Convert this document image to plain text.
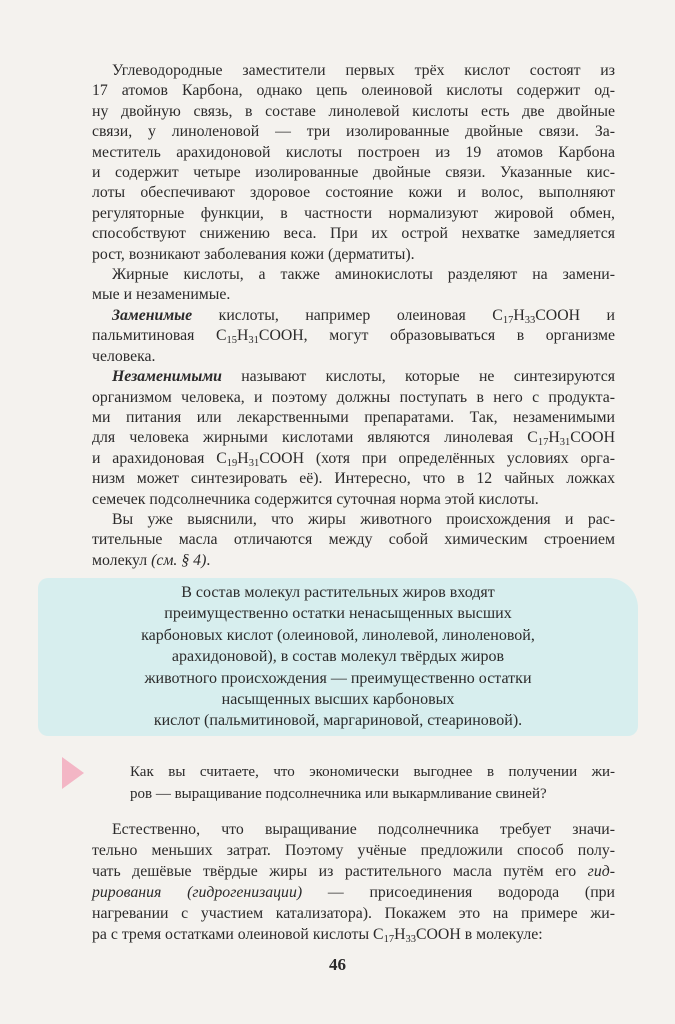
Углеводородные заместители первых трёх кислот состоят из
17 атомов Карбона, однако цепь олеиновой кислоты содержит од-
ну двойную связь, в составе линолевой кислоты есть две двойные
связи, у линоленовой — три изолированные двойные связи. За-
меститель арахидоновой кислоты построен из 19 атомов Карбона
и содержит четыре изолированные двойные связи. Указанные кис-
лоты обеспечивают здоровое состояние кожи и волос, выполняют
регуляторные функции, в частности нормализуют жировой обмен,
способствуют снижению веса. При их острой нехватке замедляется
рост, возникают заболевания кожи (дерматиты).
Жирные кислоты, а также аминокислоты разделяют на замени-
мые и незаменимые.
Заменимые кислоты, например олеиновая $C_{17}H_{33}COOH$ и
пальмитиновая $C_{15}H_{31}COOH$, могут образовываться в организме
человека.
Незаменимыми называют кислоты, которые не синтезируются
организмом человека, и поэтому должны поступать в него с продукта-
ми питания или лекарственными препаратами. Так, незаменимыми
для человека жирными кислотами являются линолевая $C_{17}H_{31}COOH$
и арахидоновая $C_{19}H_{31}COOH$ (хотя при определённых условиях орга-
низм может синтезировать её). Интересно, что в 12 чайных ложках
семечек подсолнечника содержится суточная норма этой кислоты.
Вы уже выяснили, что жиры животного происхождения и рас-
тительные масла отличаются между собой химическим строением
молекул (см. § 4).
В состав молекул растительных жиров входят
преимущественно остатки ненасыщенных высших
карбоновых кислот (олеиновой, линолевой, линоленовой,
арахидоновой), в состав молекул твёрдых жиров
животного происхождения — преимущественно остатки
насыщенных высших карбоновых
кислот (пальмитиновой, маргариновой, стеариновой).
Как вы считаете, что экономически выгоднее в получении жи-
ров — выращивание подсолнечника или выкармливание свиней?
Естественно, что выращивание подсолнечника требует значи-
тельно меньших затрат. Поэтому учёные предложили способ полу-
чать дешёвые твёрдые жиры из растительного масла путём его гид-
рирования (гидрогенизации) — присоединения водорода (при
нагревании с участием катализатора). Покажем это на примере жи-
ра с тремя остатками олеиновой кислоты $C_{17}H_{33}COOH$ в молекуле:
46
